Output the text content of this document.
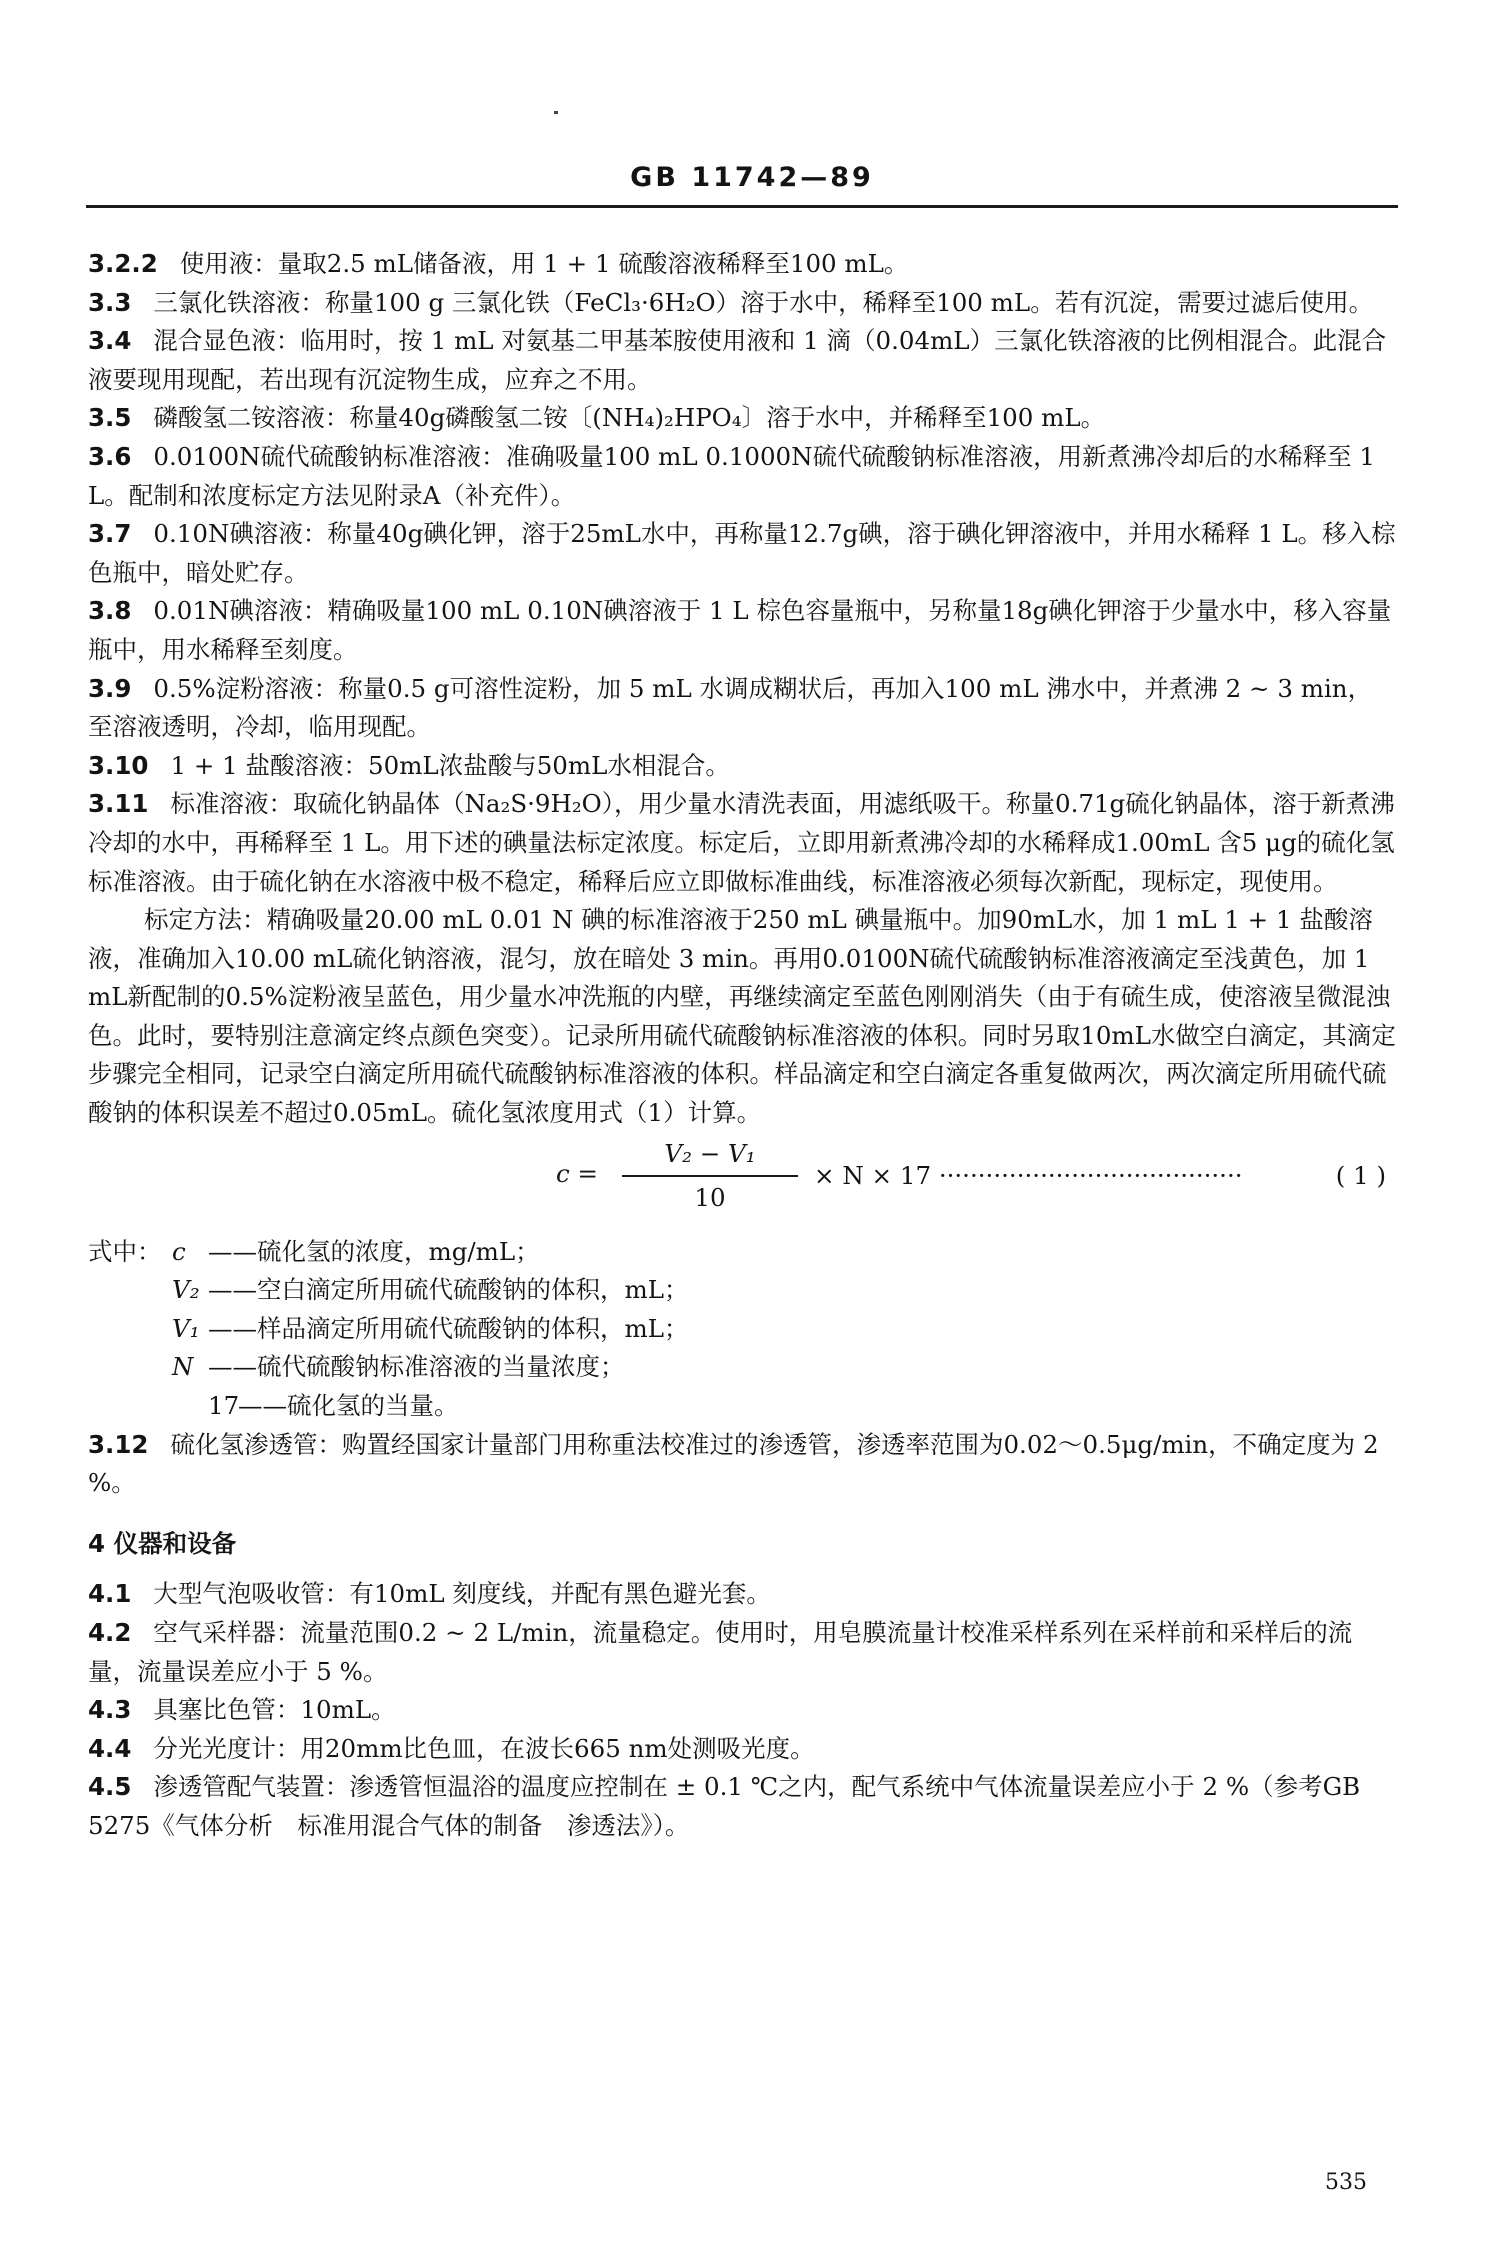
GB 11742—89

3.2.2 使用液：量取2.5 mL储备液，用 1 + 1 硫酸溶液稀释至100 mL。

3.3 三氯化铁溶液：称量100 g 三氯化铁（FeCl₃·6H₂O）溶于水中，稀释至100 mL。若有沉淀，需要过滤后使用。

3.4 混合显色液：临用时，按 1 mL 对氨基二甲基苯胺使用液和 1 滴（0.04mL）三氯化铁溶液的比例相混合。此混合液要现用现配，若出现有沉淀物生成，应弃之不用。

3.5 磷酸氢二铵溶液：称量40g磷酸氢二铵〔(NH₄)₂HPO₄〕溶于水中，并稀释至100 mL。

3.6 0.0100N硫代硫酸钠标准溶液：准确吸量100 mL 0.1000N硫代硫酸钠标准溶液，用新煮沸冷却后的水稀释至 1 L。配制和浓度标定方法见附录A（补充件）。

3.7 0.10N碘溶液：称量40g碘化钾，溶于25mL水中，再称量12.7g碘，溶于碘化钾溶液中，并用水稀释 1 L。移入棕色瓶中，暗处贮存。

3.8 0.01N碘溶液：精确吸量100 mL 0.10N碘溶液于 1 L 棕色容量瓶中，另称量18g碘化钾溶于少量水中，移入容量瓶中，用水稀释至刻度。

3.9 0.5%淀粉溶液：称量0.5 g可溶性淀粉，加 5 mL 水调成糊状后，再加入100 mL 沸水中，并煮沸 2 ~ 3 min，至溶液透明，冷却，临用现配。

3.10 1 + 1 盐酸溶液：50mL浓盐酸与50mL水相混合。

3.11 标准溶液：取硫化钠晶体（Na₂S·9H₂O），用少量水清洗表面，用滤纸吸干。称量0.71g硫化钠晶体，溶于新煮沸冷却的水中，再稀释至 1 L。用下述的碘量法标定浓度。标定后，立即用新煮沸冷却的水稀释成1.00mL 含5 μg的硫化氢标准溶液。由于硫化钠在水溶液中极不稳定，稀释后应立即做标准曲线，标准溶液必须每次新配，现标定，现使用。

标定方法：精确吸量20.00 mL 0.01 N 碘的标准溶液于250 mL 碘量瓶中。加90mL水，加 1 mL 1 + 1 盐酸溶液，准确加入10.00 mL硫化钠溶液，混匀，放在暗处 3 min。再用0.0100N硫代硫酸钠标准溶液滴定至浅黄色，加 1 mL新配制的0.5%淀粉液呈蓝色，用少量水冲洗瓶的内壁，再继续滴定至蓝色刚刚消失（由于有硫生成，使溶液呈微混浊色。此时，要特别注意滴定终点颜色突变）。记录所用硫代硫酸钠标准溶液的体积。同时另取10mL水做空白滴定，其滴定步骤完全相同，记录空白滴定所用硫代硫酸钠标准溶液的体积。样品滴定和空白滴定各重复做两次，两次滴定所用硫代硫酸钠的体积误差不超过0.05mL。硫化氢浓度用式（1）计算。

c =
V₂ − V₁
10
× N × 17 ·······································	( 1 )

式中： c ——硫化氢的浓度，mg/mL；

V₂ ——空白滴定所用硫代硫酸钠的体积，mL；

V₁ ——样品滴定所用硫代硫酸钠的体积，mL；

N ——硫代硫酸钠标准溶液的当量浓度；

17——硫化氢的当量。

3.12 硫化氢渗透管：购置经国家计量部门用称重法校准过的渗透管，渗透率范围为0.02～0.5μg/min，不确定度为 2 %。

4 仪器和设备

4.1 大型气泡吸收管：有10mL 刻度线，并配有黑色避光套。

4.2 空气采样器：流量范围0.2 ~ 2 L/min，流量稳定。使用时，用皂膜流量计校准采样系列在采样前和采样后的流量，流量误差应小于 5 %。

4.3 具塞比色管：10mL。

4.4 分光光度计：用20mm比色皿，在波长665 nm处测吸光度。

4.5 渗透管配气装置：渗透管恒温浴的温度应控制在 ± 0.1 ℃之内，配气系统中气体流量误差应小于 2 %（参考GB 5275《气体分析　标准用混合气体的制备　渗透法》）。

535
